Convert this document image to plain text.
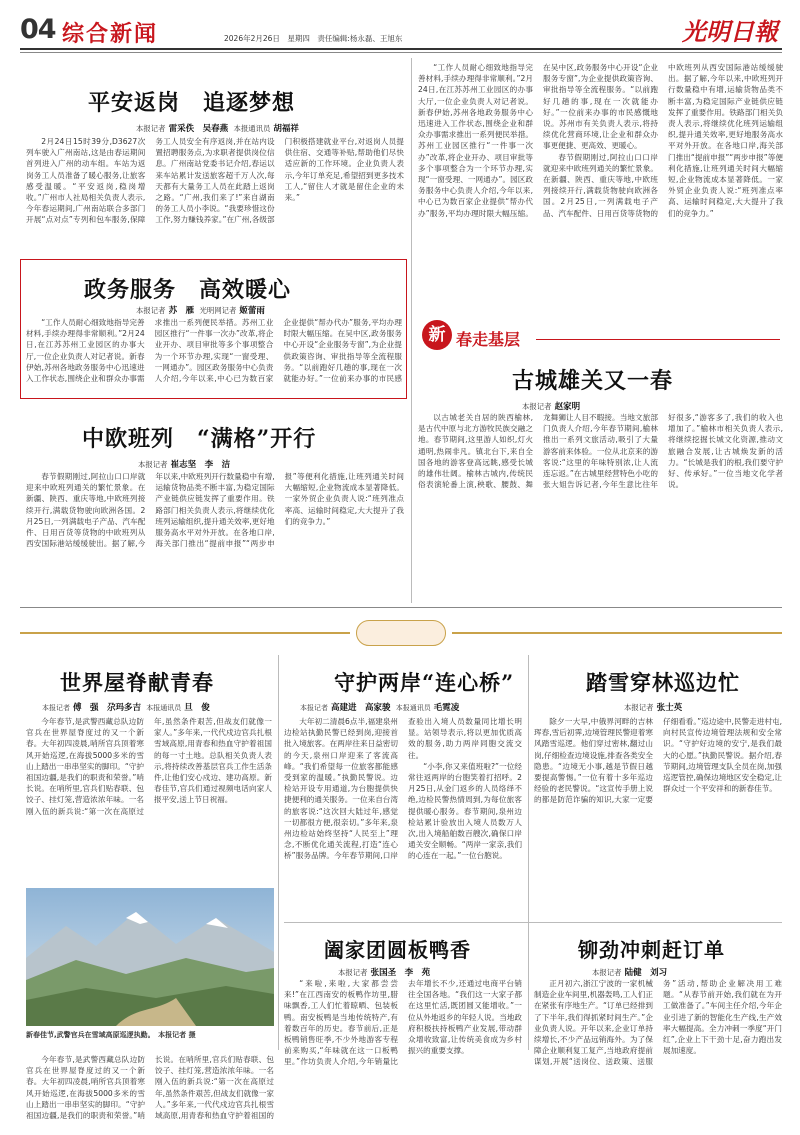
04 综合新闻	2026年2月26日　星期四　责任编辑:杨永磊、王旭东	光明日報
平安返岗　追逐梦想
本报记者 雷采佚　吴春燕 本报通讯员 胡福祥

2月24日15时39分,D3627次列车驶入广州南站,这是由春运期间首列进入广州的动车组。车站为返岗务工人员准备了暖心服务,让旅客感受温暖。“平安返岗,稳岗增收。”广州市人社局相关负责人表示,今年春运期间,广州南站联合多部门开展“点对点”专列和包车服务,保障务工人员安全有序返岗,并在站内设置招聘服务点,为求职者提供岗位信息。广州南站党委书记介绍,春运以来车站累计发送旅客超千万人次,每天都有大量务工人员在此踏上返岗之路。“广州,我们来了!”来自湖南的务工人员小李说。“我要珍惜这份工作,努力赚钱养家。”在广州,各级部门积极搭建就业平台,对返岗人员提供住宿、交通等补贴,帮助他们尽快适应新的工作环境。企业负责人表示,今年订单充足,希望招到更多技术工人,“留住人才就是留住企业的未来。”

政务服务　高效暖心
本报记者 苏　雁 光明网记者 姬蕾雨

“工作人员耐心细致地指导完善材料,手续办理得非常顺利。”2月24日,在江苏苏州工业园区的办事大厅,一位企业负责人对记者说。新春伊始,苏州各地政务服务中心迅速进入工作状态,围绕企业和群众办事需求推出一系列便民举措。苏州工业园区推行“一件事一次办”改革,将企业开办、项目审批等多个事项整合为一个环节办理,实现“一窗受理、一网通办”。园区政务服务中心负责人介绍,今年以来,中心已为数百家企业提供“帮办代办”服务,平均办理时限大幅压缩。在吴中区,政务服务中心开设“企业服务专窗”,为企业提供政策咨询、审批指导等全流程服务。“以前跑好几趟的事,现在一次就能办好。”一位前来办事的市民感

中欧班列　“满格”开行
本报记者 崔志坚　李　洁

春节假期刚过,阿拉山口口岸就迎来中欧班列通关的繁忙景象。在新疆、陕西、重庆等地,中欧班列接续开行,满载货物驶向欧洲各国。2月25日,一列满载电子产品、汽车配件、日用百货等货物的中欧班列从西安国际港站缓缓驶出。据了解,今年以来,中欧班列开行数量稳中有增,运输货物品类不断丰富,为稳定国际产业链供应链发挥了重要作用。铁路部门相关负责人表示,将继续优化班列运输组织,提升通关效率,更好地服务高水平对外开放。在各地口岸,海关部门推出“提前申报”“两步申报”等便利化措施,让班列通关时间大幅缩短,企业物流成本显著降低。一家外贸企业负责人说:“班列准点率高、运输时间稳定,大大提升了我们的竞争力。”

“工作人员耐心细致地指导完善材料,手续办理得非常顺利。”2月24日,在江苏苏州工业园区的办事大厅,一位企业负责人对记者说。新春伊始,苏州各地政务服务中心迅速进入工作状态,围绕企业和群众办事需求推出一系列便民举措。苏州工业园区推行“一件事一次办”改革,将企业开办、项目审批等多个事项整合为一个环节办理,实现“一窗受理、一网通办”。园区政务服务中心负责人介绍,今年以来,中心已为数百家企业提供“帮办代办”服务,平均办理时限大幅压缩。在吴中区,政务服务中心开设“企业服务专窗”,为企业提供政策咨询、审批指导等全流程服务。“以前跑好几趟的事,现在一次就能办好。”一位前来办事的市民感慨地说。苏州市有关负责人表示,将持续优化营商环境,让企业和群众办事更便捷、更高效、更暖心。

春节假期刚过,阿拉山口口岸就迎来中欧班列通关的繁忙景象。在新疆、陕西、重庆等地,中欧班列接续开行,满载货物驶向欧洲各国。2月25日,一列满载电子产品、汽车配件、日用百货等货物的中欧班列从西安国际港站缓缓驶出。据了解,今年以来,中欧班列开行数量稳中有增,运输货物品类不断丰富,为稳定国际产业链供应链发挥了重要作用。铁路部门相关负责人表示,将继续优化班列运输组织,提升通关效率,更好地服务高水平对外开放。在各地口岸,海关部门推出“提前申报”“两步申报”等便利化措施,让班列通关时间大幅缩短,企业物流成本显著降低。一家外贸企业负责人说:“班列准点率高、运输时间稳定,大大提升了我们的竞争力。”

新 春走基层
古城雄关又一春
本报记者 赵家明

以古城老关自居的陕西榆林,是古代中原与北方游牧民族交融之地。春节期间,这里游人如织,灯火通明,热闹非凡。镇北台下,来自全国各地的游客登高远眺,感受长城的雄伟壮阔。榆林古城内,传统民俗表演轮番上演,秧歌、腰鼓、舞龙舞狮让人目不暇接。当地文旅部门负责人介绍,今年春节期间,榆林推出一系列文旅活动,吸引了大量游客前来体验。一位从北京来的游客说:“这里的年味特别浓,让人流连忘返。”在古城里经营特色小吃的张大姐告诉记者,今年生意比往年好很多,“游客多了,我们的收入也增加了。”榆林市相关负责人表示,将继续挖掘长城文化资源,推动文旅融合发展,让古城焕发新的活力。“长城是我们的根,我们要守护好、传承好。”一位当地文化学者说。

世界屋脊献青春
本报记者 傅　强　尕玛多吉 本报通讯员 旦　俊

今年春节,是武警西藏总队边防官兵在世界屋脊度过的又一个新春。大年初四凌晨,哨所官兵顶着寒风开始巡逻,在海拔5000多米的雪山上踏出一串串坚实的脚印。“守护祖国边疆,是我们的职责和荣誉。”哨长说。在哨所里,官兵们贴春联、包饺子、挂灯笼,营造浓浓年味。一名刚入伍的新兵说:“第一次在高原过年,虽然条件艰苦,但战友们就像一家人。”多年来,一代代戍边官兵扎根雪域高原,用青春和热血守护着祖国的每一寸土地。总队相关负责人表示,将持续改善基层官兵工作生活条件,让他们安心戍边、建功高原。新春佳节,官兵们通过视频电话向家人报平安,送上节日祝福。

新春佳节,武警官兵在雪域高原巡逻执勤。　本报记者 摄
守护两岸“连心桥”
本报记者 高建进　高家骏 本报通讯员 毛霓凌

大年初二清晨6点半,福建泉州边检站执勤民警已经到岗,迎接首批入境旅客。在两岸往来日益密切的今天,泉州口岸迎来了客流高峰。“我们希望每一位旅客都能感受到家的温暖。”执勤民警说。边检站开设专用通道,为台胞提供快捷便利的通关服务。一位来自台湾的旅客说:“这次回大陆过年,感觉一切都很方便,很亲切。”多年来,泉州边检站始终坚持“人民至上”理念,不断优化通关流程,打造“连心桥”服务品牌。今年春节期间,口岸查验出入境人员数量同比增长明显。站领导表示,将以更加优质高效的服务,助力两岸同胞交流交往。

“小李,你又来值班啦?”一位经常往返两岸的台胞笑着打招呼。2月25日,从金门返乡的人员络绎不绝,边检民警热情周到,为每位旅客提供暖心服务。春节期间,泉州边检站累计验放出入境人员数万人次,出入境船舶数百艘次,确保口岸通关安全顺畅。“两岸一家亲,我们的心连在一起。”一位台胞说。

踏雪穿林巡边忙
本报记者 张士英

除夕一大早,中俄界河畔的吉林珲春,雪后初霁,边境管理民警迎着寒风踏雪巡逻。他们穿过密林,翻过山岗,仔细检查边境设施,排查各类安全隐患。“边境无小事,越是节假日越要提高警惕。”一位有着十多年巡边经验的老民警说。“这宣传手册上说的都是防范诈骗的知识,大家一定要仔细看看。”巡边途中,民警走进村屯,向村民宣传边境管理法规和安全常识。“守护好边境的安宁,是我们最大的心愿。”执勤民警说。据介绍,春节期间,边境管理支队全员在岗,加强巡逻管控,确保边境地区安全稳定,让群众过一个平安祥和的新春佳节。

阖家团圆板鸭香
本报记者 张国圣　李　苑

“来啦,来啦,大家都尝尝来!”在江西南安的板鸭作坊里,腊味飘香,工人们忙着晾晒、包装板鸭。南安板鸭是当地传统特产,有着数百年的历史。春节前后,正是板鸭销售旺季,不少外地游客专程前来购买,“年味就在这一口板鸭里。”作坊负责人介绍,今年销量比去年增长不少,还通过电商平台销往全国各地。“我们这一大家子都在这里忙活,既团圆又能增收。”一位从外地返乡的年轻人说。当地政府积极扶持板鸭产业发展,带动群众增收致富,让传统美食成为乡村振兴的重要支撑。

铆劲冲刺赶订单
本报记者 陆健　刘习

正月初六,浙江宁波的一家机械制造企业车间里,机器轰鸣,工人们正在紧张有序地生产。“订单已经排到了下半年,我们得抓紧时间生产。”企业负责人说。开年以来,企业订单持续增长,不少产品远销海外。为了保障企业顺利复工复产,当地政府提前谋划,开展“送岗位、送政策、送服务”活动,帮助企业解决用工难题。“从春节前开始,我们就在为开工做准备了。”车间主任介绍,今年企业引进了新的智能化生产线,生产效率大幅提高。全力冲刺一季度“开门红”,企业上下干劲十足,奋力跑出发展加速度。

今年春节,是武警西藏总队边防官兵在世界屋脊度过的又一个新春。大年初四凌晨,哨所官兵顶着寒风开始巡逻,在海拔5000多米的雪山上踏出一串串坚实的脚印。“守护祖国边疆,是我们的职责和荣誉。”哨长说。在哨所里,官兵们贴春联、包饺子、挂灯笼,营造浓浓年味。一名刚入伍的新兵说:“第一次在高原过年,虽然条件艰苦,但战友们就像一家人。”多年来,一代代戍边官兵扎根雪域高原,用青春和热血守护着祖国的
